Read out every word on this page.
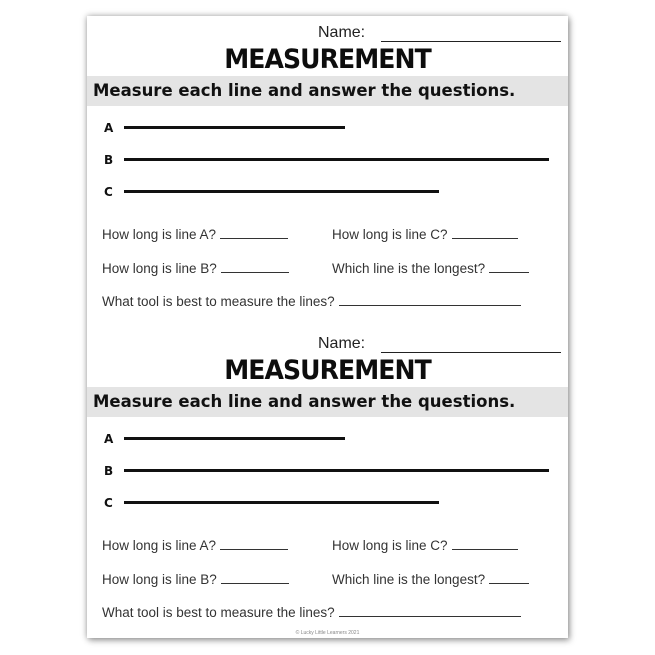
Name:
MEASUREMENT
Measure each line and answer the questions.
A
B
C
How long is line A?	How long is line C?
How long is line B?	Which line is the longest?
What tool is best to measure the lines?
Name:
MEASUREMENT
Measure each line and answer the questions.
A
B
C
How long is line A?	How long is line C?
How long is line B?	Which line is the longest?
What tool is best to measure the lines?
© Lucky Little Learners 2021
